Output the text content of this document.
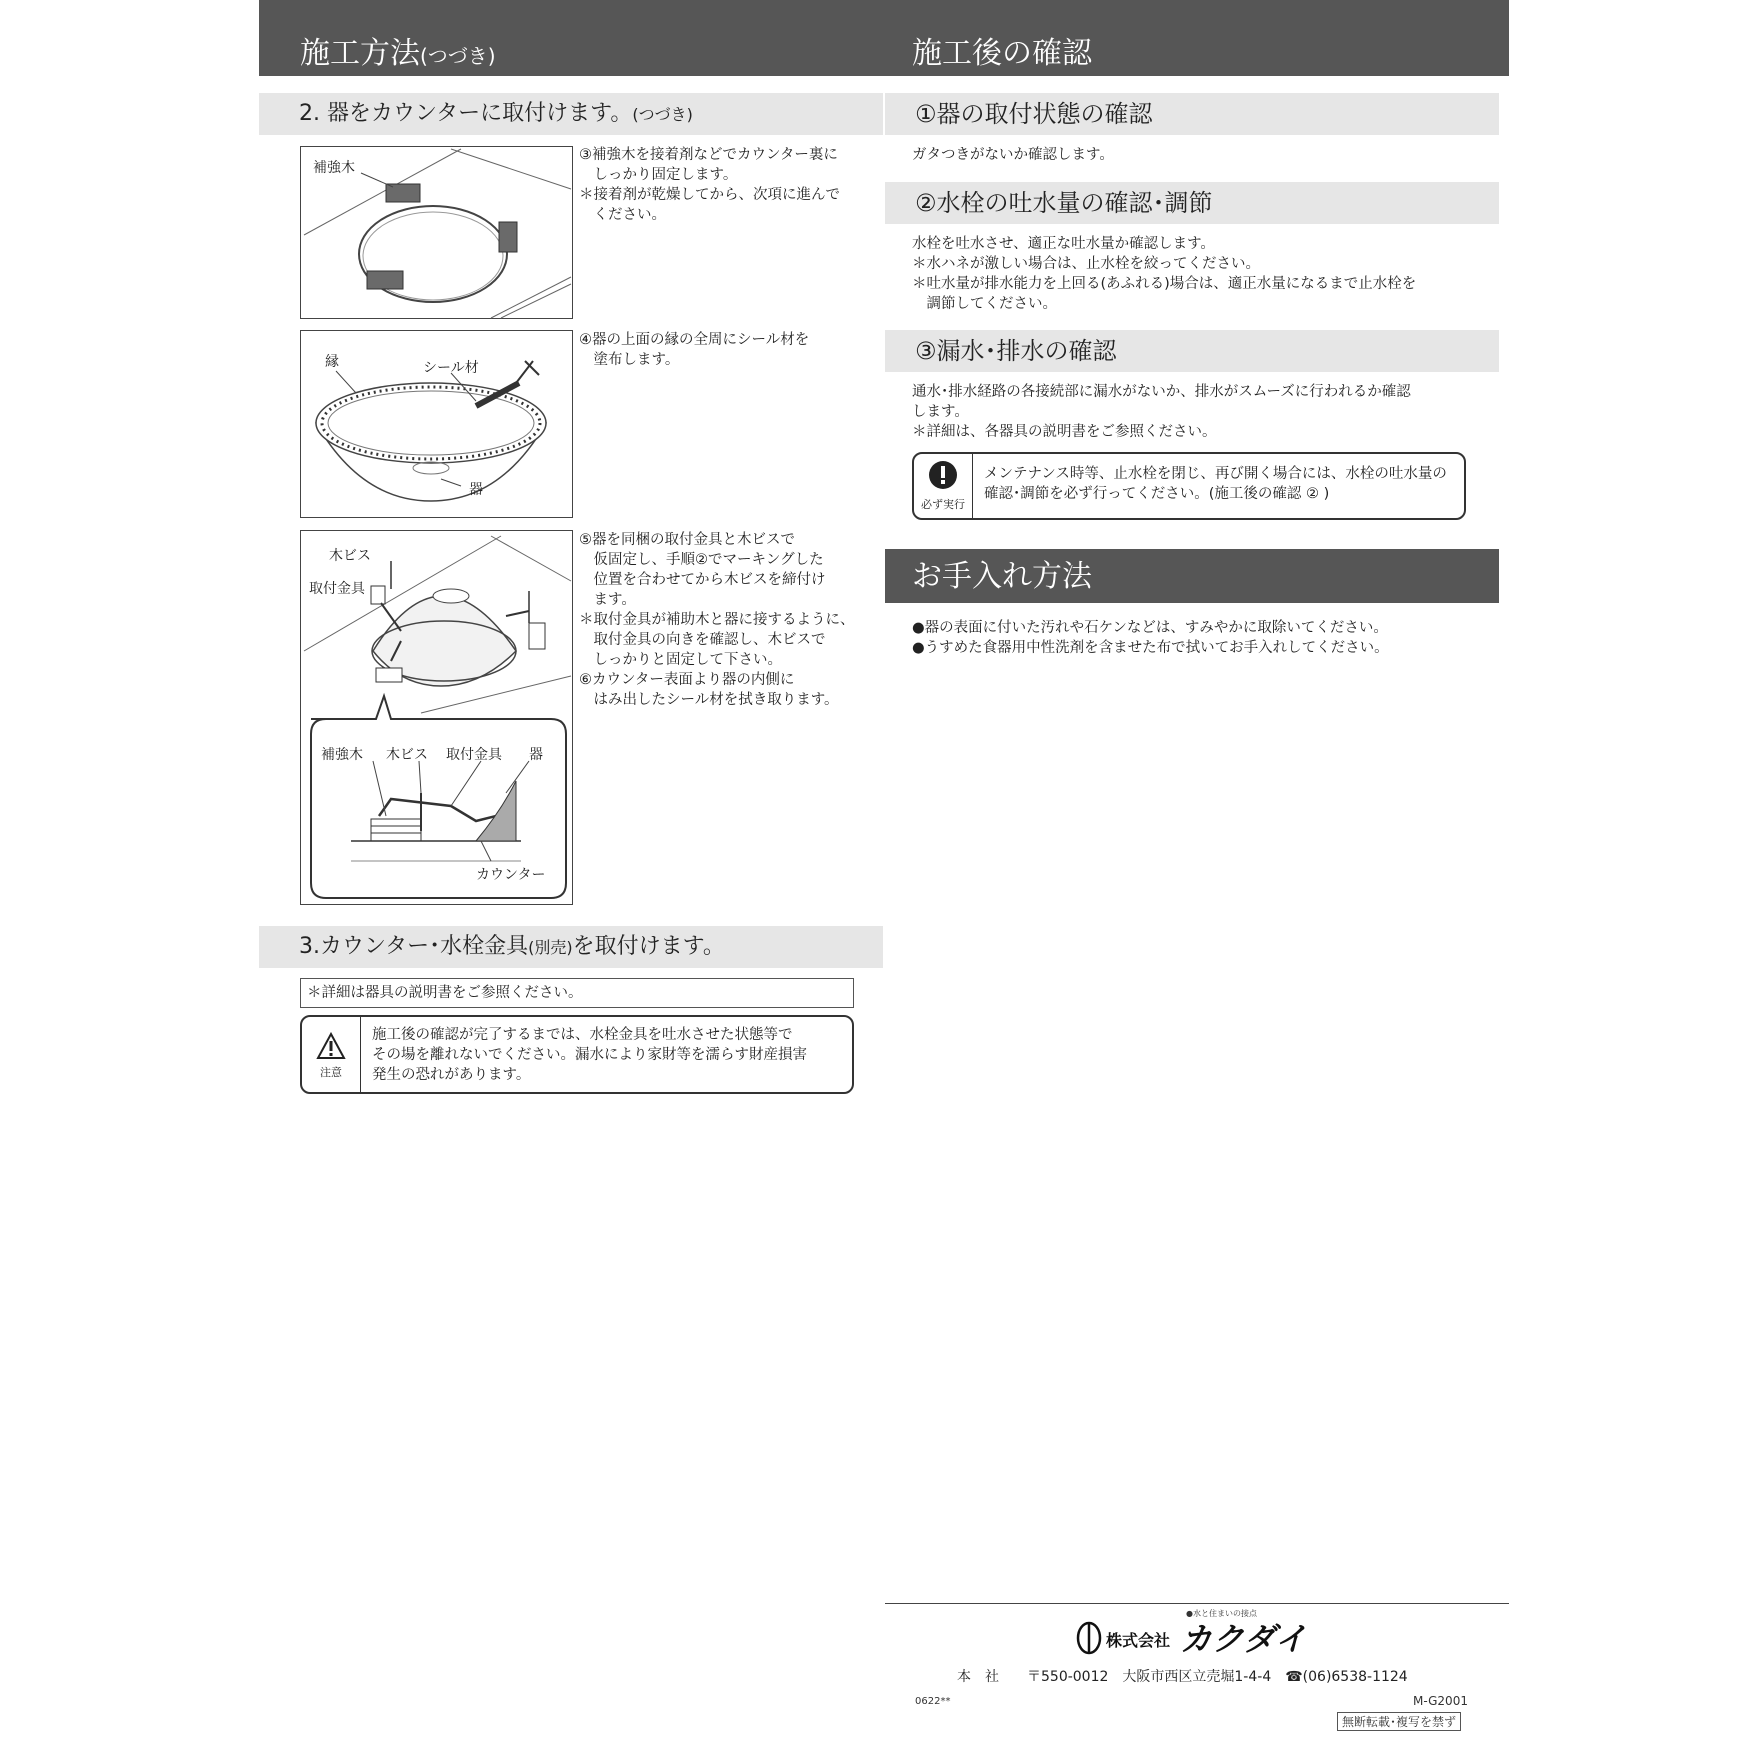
施工方法(つづき)	施工後の確認
2. 器をカウンターに取付けます。(つづき)
補強木
③補強木を接着剤などでカウンター裏に
　しっかり固定します。
＊接着剤が乾燥してから、次項に進んで
　ください。
縁	シール材
器
④器の上面の縁の全周にシール材を
　塗布します。
木ビス
取付金具
補強木 木ビス 取付金具 器
カウンター
⑤器を同梱の取付金具と木ビスで
　仮固定し、手順②でマーキングした
　位置を合わせてから木ビスを締付け
　ます。
＊取付金具が補助木と器に接するように、
　取付金具の向きを確認し、木ビスで
　しっかりと固定して下さい。
⑥カウンター表面より器の内側に
　はみ出したシール材を拭き取ります。
3.カウンター･水栓金具(別売)を取付けます。
＊詳細は器具の説明書をご参照ください。
注意
施工後の確認が完了するまでは、水栓金具を吐水させた状態等で
その場を離れないでください。漏水により家財等を濡らす財産損害
発生の恐れがあります。
①器の取付状態の確認
ガタつきがないか確認します。
②水栓の吐水量の確認･調節
水栓を吐水させ、適正な吐水量か確認します。
＊水ハネが激しい場合は、止水栓を絞ってください。
＊吐水量が排水能力を上回る(あふれる)場合は、適正水量になるまで止水栓を
　調節してください。
③漏水･排水の確認
通水･排水経路の各接続部に漏水がないか、排水がスムーズに行われるか確認
します。
＊詳細は、各器具の説明書をご参照ください。
必ず実行
メンテナンス時等、止水栓を閉じ、再び開く場合には、水栓の吐水量の
確認･調節を必ず行ってください。(施工後の確認 ② )
お手入れ方法
●器の表面に付いた汚れや石ケンなどは、すみやかに取除いてください。
●うすめた食器用中性洗剤を含ませた布で拭いてお手入れしてください。
●水と住まいの接点
株式会社 カクダイ
本　社　　〒550-0012　大阪市西区立売堀1-4-4　☎(06)6538-1124
0622**	M-G2001
無断転載･複写を禁ず
